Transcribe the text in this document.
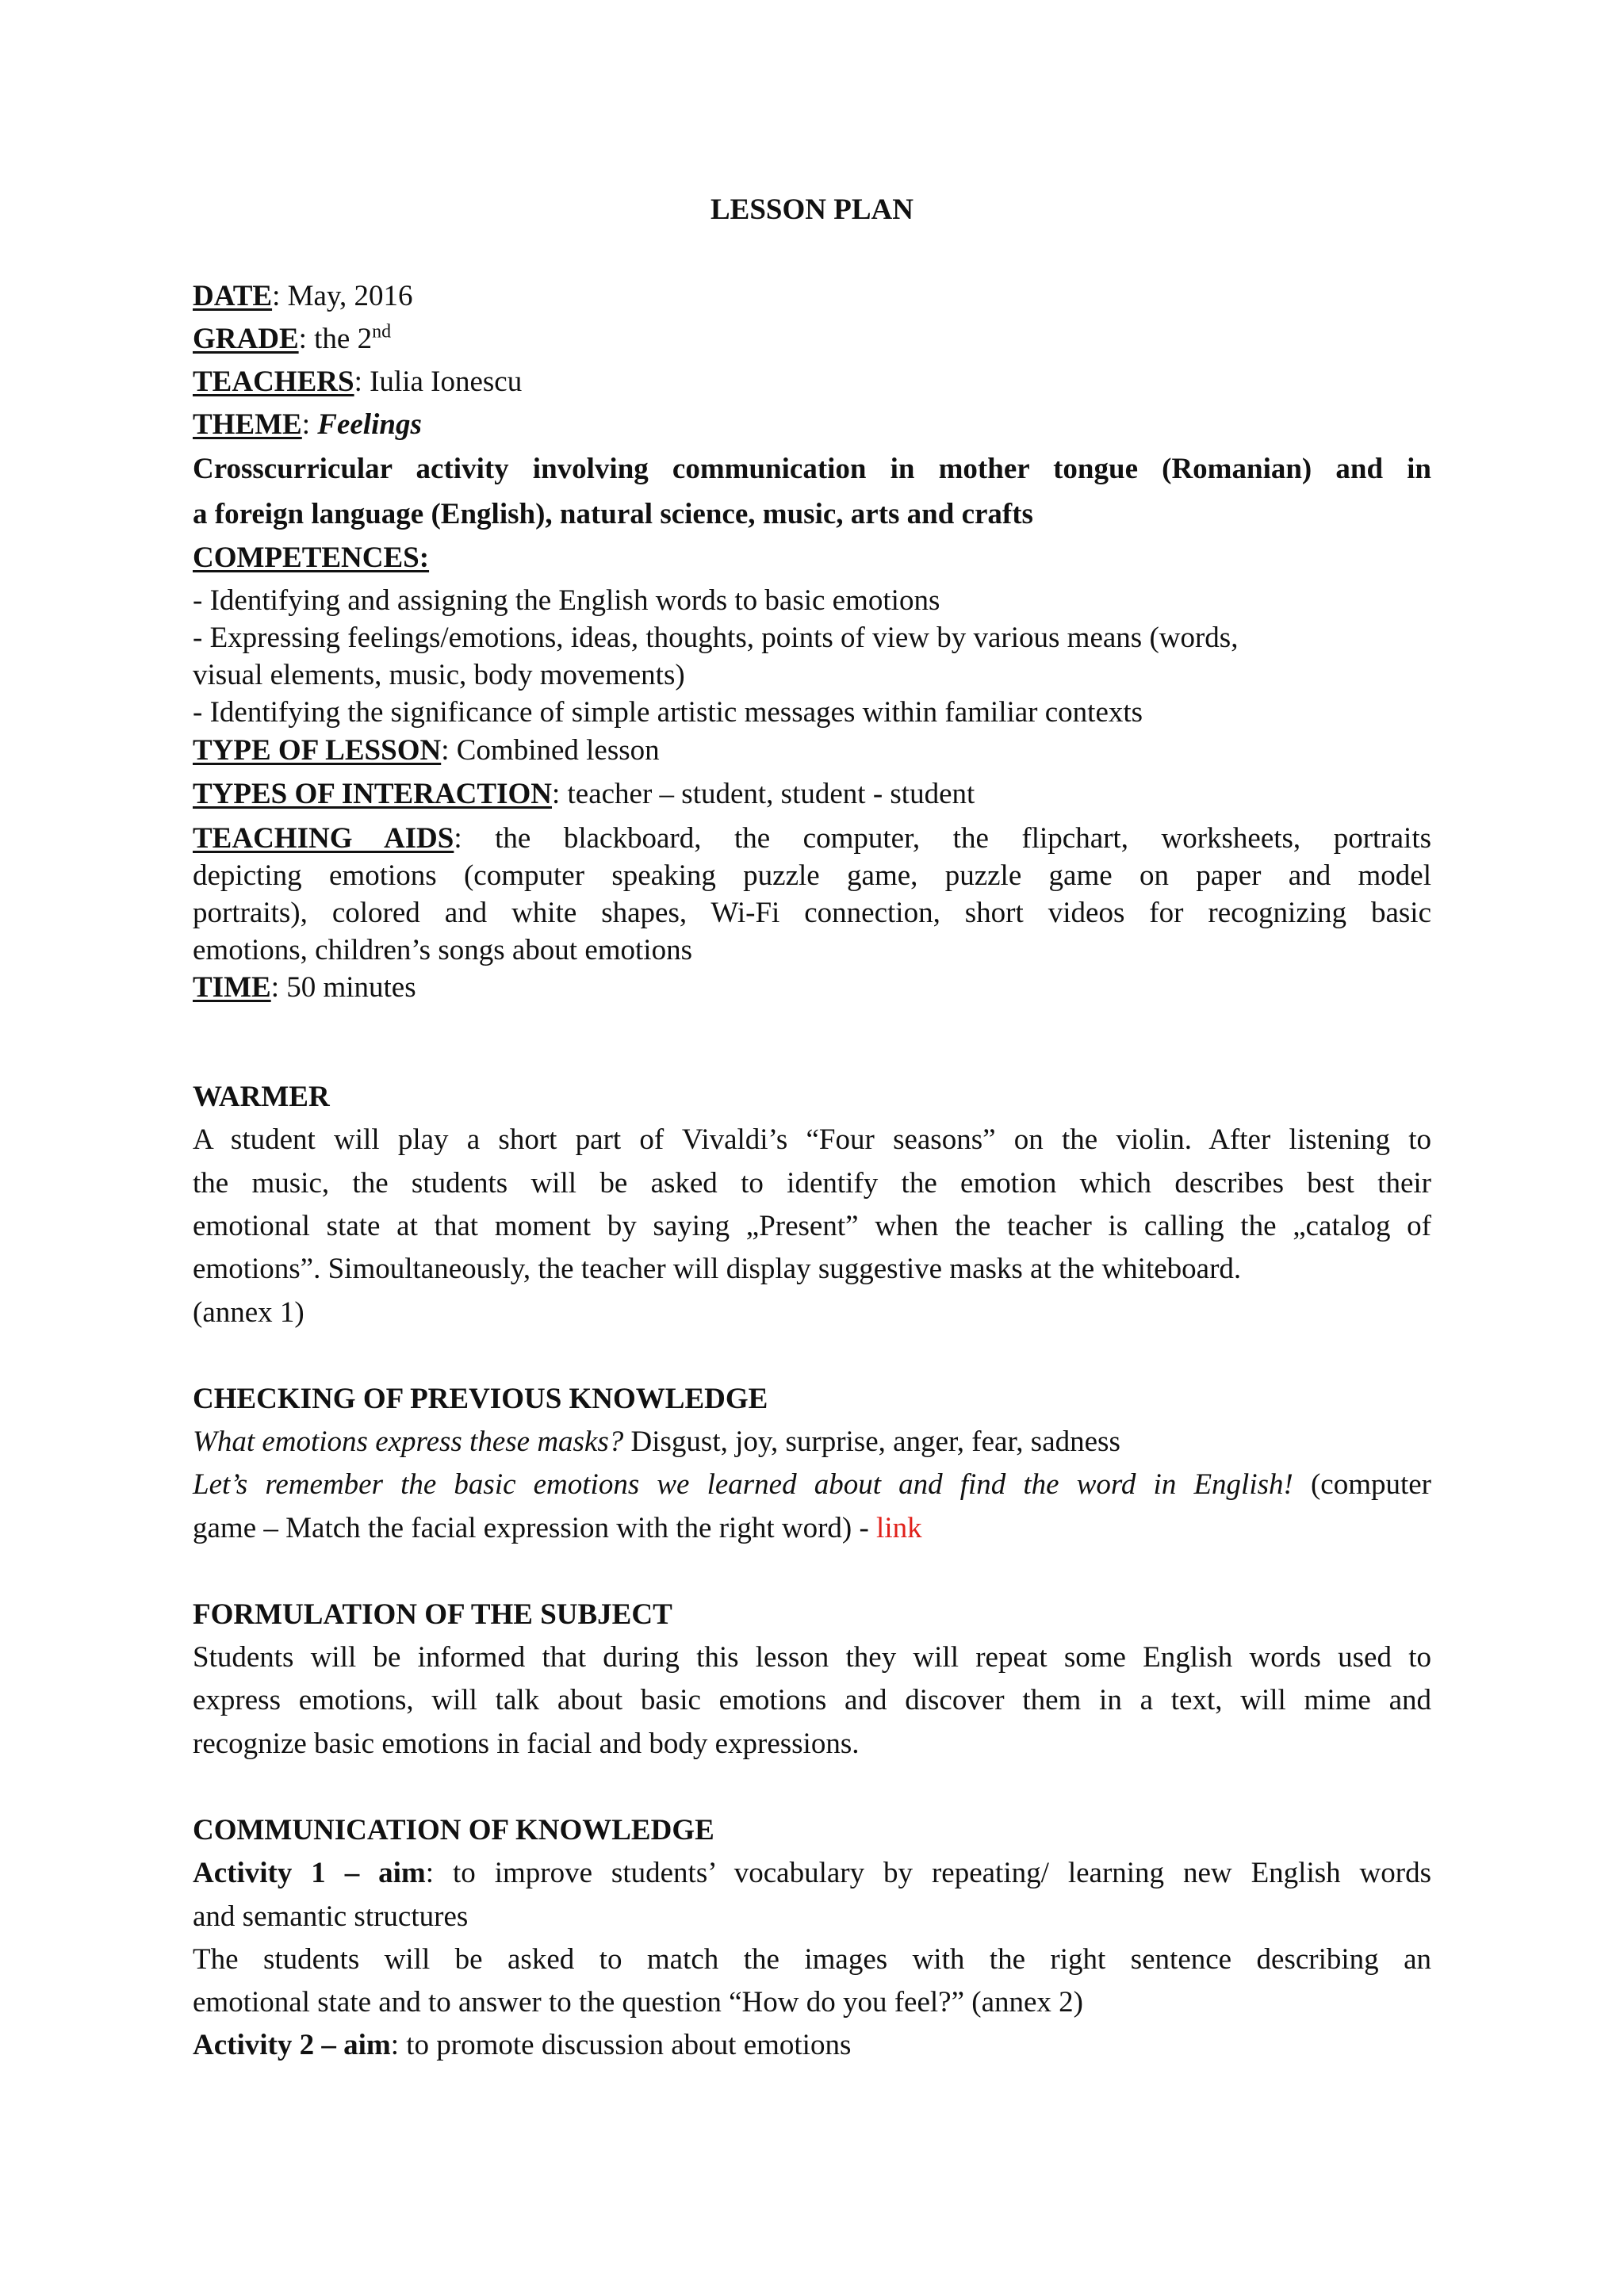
LESSON PLAN
DATE: May, 2016
GRADE: the 2nd
TEACHERS: Iulia Ionescu
THEME: Feelings
Crosscurricular activity involving communication in mother tongue (Romanian) and in
a foreign language (English), natural science, music, arts and crafts
COMPETENCES:
- Identifying and assigning the English words to basic emotions
- Expressing feelings/emotions, ideas, thoughts, points of view by various means (words,
visual elements, music, body movements)
- Identifying the significance of simple artistic messages within familiar contexts
TYPE OF LESSON: Combined lesson
TYPES OF INTERACTION: teacher – student, student - student
TEACHING AIDS: the blackboard, the computer, the flipchart, worksheets, portraits
depicting emotions (computer speaking puzzle game, puzzle game on paper and model
portraits), colored and white shapes, Wi-Fi connection, short videos for recognizing basic
emotions, children’s songs about emotions
TIME: 50 minutes
WARMER
A student will play a short part of Vivaldi’s “Four seasons” on the violin. After listening to
the music, the students will be asked to identify the emotion which describes best their
emotional state at that moment by saying „Present” when the teacher is calling the „catalog of
emotions”. Simoultaneously, the teacher will display suggestive masks at the whiteboard.
(annex 1)
CHECKING OF PREVIOUS KNOWLEDGE
What emotions express these masks? Disgust, joy, surprise, anger, fear, sadness
Let’s remember the basic emotions we learned about and find the word in English! (computer
game – Match the facial expression with the right word) - link
FORMULATION OF THE SUBJECT
Students will be informed that during this lesson they will repeat some English words used to
express emotions, will talk about basic emotions and discover them in a text, will mime and
recognize basic emotions in facial and body expressions.
COMMUNICATION OF KNOWLEDGE
Activity 1 – aim: to improve students’ vocabulary by repeating/ learning new English words
and semantic structures
The students will be asked to match the images with the right sentence describing an
emotional state and to answer to the question “How do you feel?” (annex 2)
Activity 2 – aim: to promote discussion about emotions
